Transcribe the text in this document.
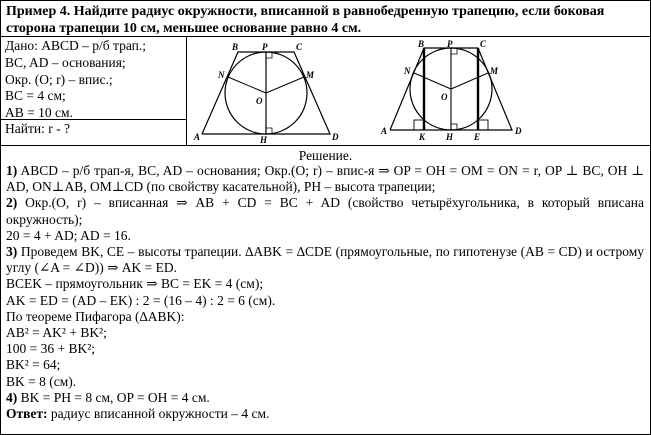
Пример 4. Найдите радиус окружности, вписанной в равнобедренную трапецию, если боковая сторона трапеции 10 см, меньшее основание равно 4 см.
Дано: ABCD – р/б трап.;
BC, AD – основания;
Окр. (O; r) – впис.;
BC = 4 см;
AB = 10 см.
Найти: r - ?
A
B	P	C
D
N	M
O
H
A
B	P	C
D
N	M
O
K H E
Решение.

1) ABCD – р/б трап-я, BC, AD – основания; Окр.(O; r) – впис-я ⇒ OP = OH = OM = ON = r, OP ⊥ BC, OH ⊥ AD, ON⊥AB, OM⊥CD (по свойству касательной), PH – высота трапеции;

2) Окр.(O, r) – вписанная ⇒ AB + CD = BC + AD (свойство четырёхугольника, в который вписана окружность);

20 = 4 + AD; AD = 16.

3) Проведем BK, CE – высоты трапеции. ∆ABK = ∆CDE (прямоугольные, по гипотенузе (AB = CD) и острому углу (∠A = ∠D)) ⇒ AK = ED.

BCEK – прямоугольник ⇒ BC = EK = 4 (см);

AK = ED = (AD – EK) : 2 = (16 – 4) : 2 = 6 (см).

По теореме Пифагора (∆ABK):

AB² = AK² + BK²;

100 = 36 + BK²;

BK² = 64;

BK = 8 (см).

4) BK = PH = 8 см, OP = OH = 4 см.

Ответ: радиус вписанной окружности – 4 см.
